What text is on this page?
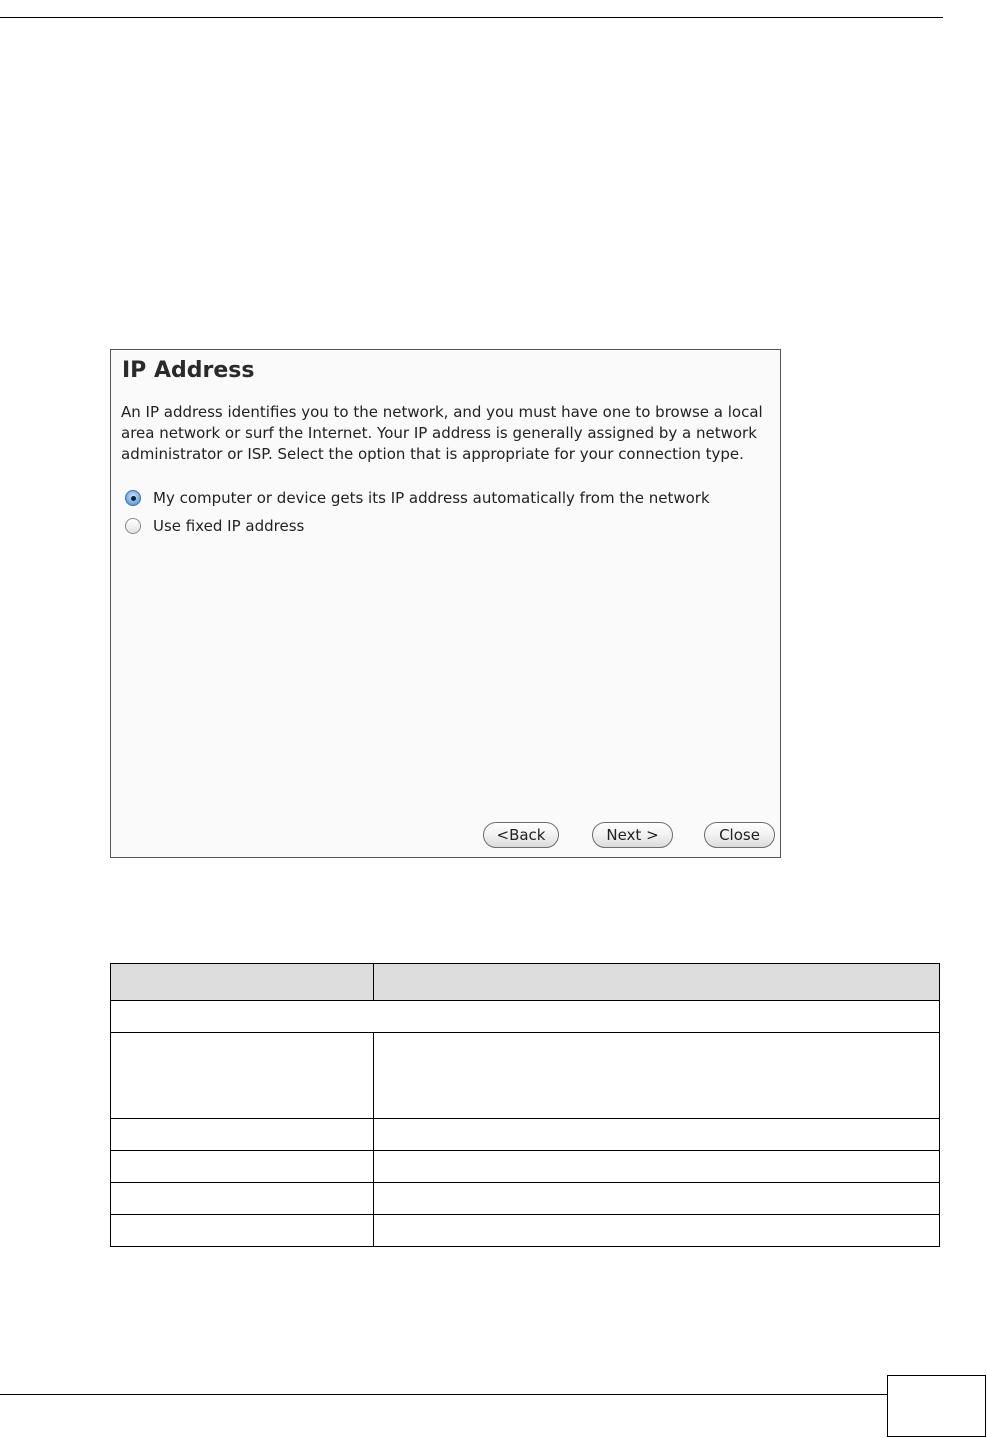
IP Address
An IP address identifies you to the network, and you must have one to browse a local area network or surf the Internet. Your IP address is generally assigned by a network administrator or ISP. Select the option that is appropriate for your connection type.
My computer or device gets its IP address automatically from the network
Use fixed IP address
<Back	Next >	Close
